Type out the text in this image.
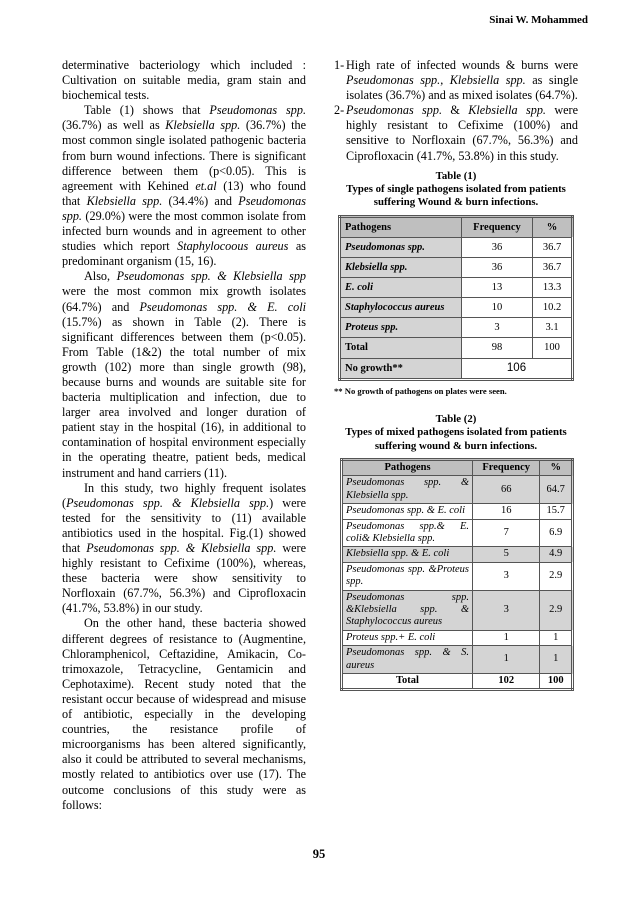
Sinai W. Mohammed

determinative bacteriology which included : Cultivation on suitable media, gram stain and biochemical tests.

Table (1) shows that Pseudomonas spp. (36.7%) as well as Klebsiella spp. (36.7%) the most common single isolated pathogenic bacteria from burn wound infections. There is significant difference between them (p<0.05). This is agreement with Kehined et.al (13) who found that Klebsiella spp. (34.4%) and Pseudomonas spp. (29.0%) were the most common isolate from infected burn wounds and in agreement to other studies which report Staphylocoous aureus as predominant organism (15, 16).

Also, Pseudomonas spp. & Klebsiella spp were the most common mix growth isolates (64.7%) and Pseudomonas spp. & E. coli (15.7%) as shown in Table (2). There is significant differences between them (p<0.05). From Table (1&2) the total number of mix growth (102) more than single growth (98), because burns and wounds are suitable site for bacteria multiplication and infection, due to larger area involved and longer duration of patient stay in the hospital (16), in additional to contamination of hospital environment especially in the operating theatre, patient beds, medical instrument and hand carriers (11).

In this study, two highly frequent isolates (Pseudomonas spp. & Klebsiella spp.) were tested for the sensitivity to (11) available antibiotics used in the hospital. Fig.(1) showed that Pseudomonas spp. & Klebsiella spp. were highly resistant to Cefixime (100%), whereas, these bacteria were show sensitivity to Norfloxain (67.7%, 56.3%) and Ciprofloxacin (41.7%, 53.8%) in our study.

On the other hand, these bacteria showed different degrees of resistance to (Augmentine, Chloramphenicol, Ceftazidine, Amikacin, Co-trimoxazole, Tetracycline, Gentamicin and Cephotaxime). Recent study noted that the resistant occur because of widespread and misuse of antibiotic, especially in the developing countries, the resistance profile of microorganisms has been altered significantly, also it could be attributed to several mechanisms, mostly related to antibiotics over use (17). The outcome conclusions of this study were as follows:

1- High rate of infected wounds & burns were Pseudomonas spp., Klebsiella spp. as single isolates (36.7%) and as mixed isolates (64.7%).
2- Pseudomonas spp. & Klebsiella spp. were highly resistant to Cefixime (100%) and sensitive to Norfloxain (67.7%, 56.3%) and Ciprofloxacin (41.7%, 53.8%) in this study.
Table (1)
Types of single pathogens isolated from patients suffering Wound & burn infections.
Pathogens	Frequency	%
Pseudomonas spp.	36	36.7
Klebsiella spp.	36	36.7
E. coli	13	13.3
Staphylococcus aureus	10	10.2
Proteus spp.	3	3.1
Total	98	100
No growth**	106	
** No growth of pathogens on plates were seen.
Table (2)
Types of mixed pathogens isolated from patients suffering wound & burn infections.
Pathogens	Frequency	%
Pseudomonas spp. & Klebsiella spp.	66	64.7
Pseudomonas spp. & E. coli	16	15.7
Pseudomonas spp.& E. coli& Klebsiella spp.	7	6.9
Klebsiella spp. & E. coli	5	4.9
Pseudomonas spp. &Proteus spp.	3	2.9
Pseudomonas spp. &Klebsiella spp. & Staphylococcus aureus	3	2.9
Proteus spp.+ E. coli	1	1
Pseudomonas spp. & S. aureus	1	1
Total	102	100
95
